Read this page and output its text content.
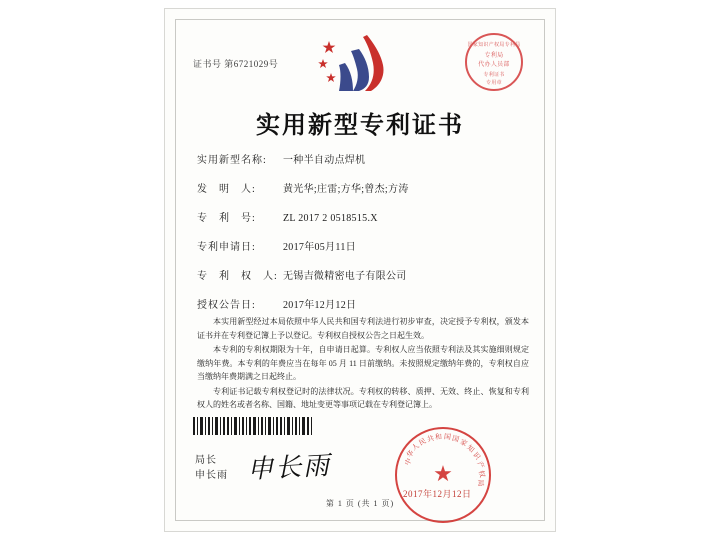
证书号 第6721029号
国家知识产权局专利局
专利局
代办人员部
专利证书
专用章
实用新型专利证书
实用新型名称: 一种半自动点焊机
发　明　人:	黄光华;庄雷;方华;曾杰;方涛
专　利　号:	ZL 2017 2 0518515.X
专利申请日:	2017年05月11日
专　利　权　人: 无锡吉微精密电子有限公司
授权公告日:	2017年12月12日

本实用新型经过本局依照中华人民共和国专利法进行初步审查，决定授予专利权，颁发本证书并在专利登记簿上予以登记。专利权自授权公告之日起生效。

本专利的专利权期限为十年，自申请日起算。专利权人应当依照专利法及其实施细则规定缴纳年费。本专利的年费应当在每年 05 月 11 日前缴纳。未按照规定缴纳年费的，专利权自应当缴纳年费期满之日起终止。

专利证书记载专利权登记时的法律状况。专利权的转移、质押、无效、终止、恢复和专利权人的姓名或者名称、国籍、地址变更等事项记载在专利登记簿上。

局长
申长雨 申长雨	★
中
华
人
民
共 和 国 国
家
知
识
产
权
局
2017年12月12日
第 1 页 (共 1 页)
